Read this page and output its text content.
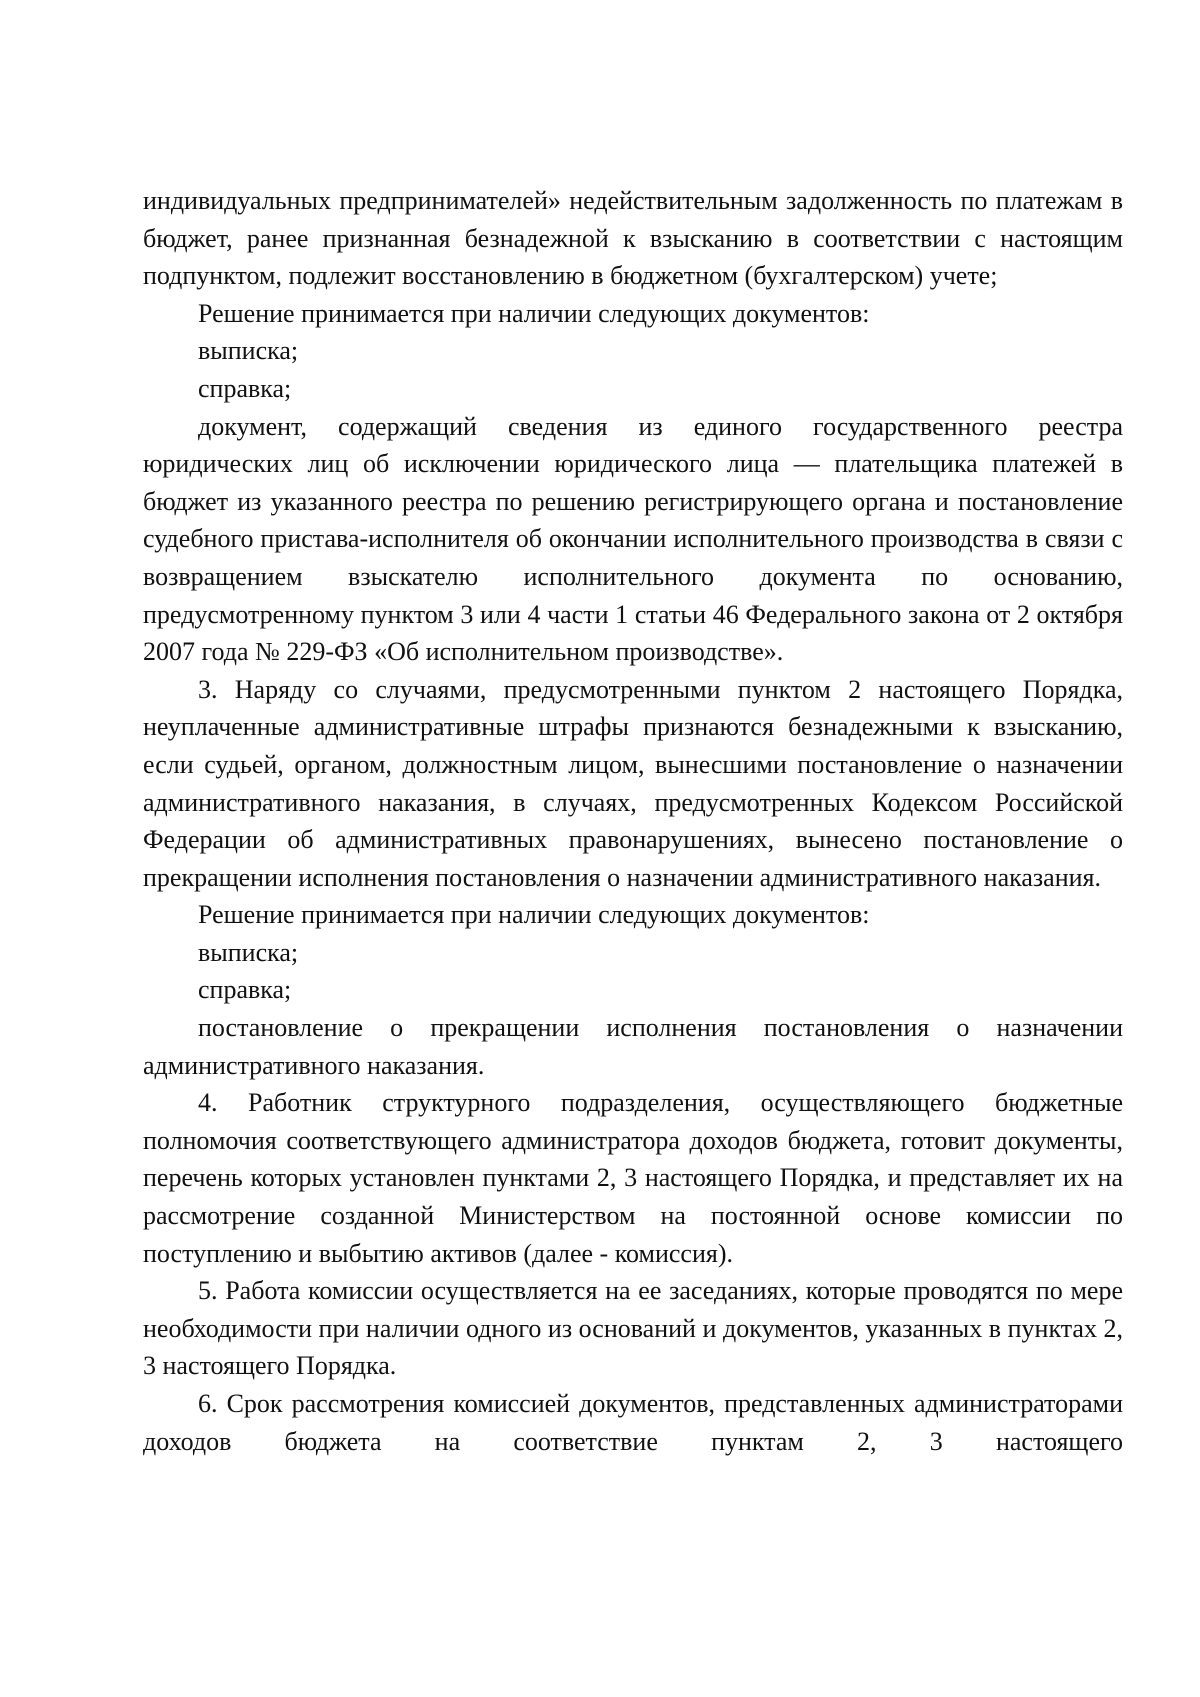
индивидуальных предпринимателей» недействительным задолженность по платежам в бюджет, ранее признанная безнадежной к взысканию в соответствии с настоящим подпунктом, подлежит восстановлению в бюджетном (бухгалтерском) учете;

Решение принимается при наличии следующих документов:

выписка;

справка;

документ, содержащий сведения из единого государственного реестра юридических лиц об исключении юридического лица — плательщика платежей в бюджет из указанного реестра по решению регистрирующего органа и постановление судебного пристава-исполнителя об окончании исполнительного производства в связи с возвращением взыскателю исполнительного документа по основанию, предусмотренному пунктом 3 или 4 части 1 статьи 46 Федерального закона от 2 октября 2007 года № 229-ФЗ «Об исполнительном производстве».

3. Наряду со случаями, предусмотренными пунктом 2 настоящего Порядка, неуплаченные административные штрафы признаются безнадежными к взысканию, если судьей, органом, должностным лицом, вынесшими постановление о назначении административного наказания, в случаях, предусмотренных Кодексом Российской Федерации об административных правонарушениях, вынесено постановление о прекращении исполнения постановления о назначении административного наказания.

Решение принимается при наличии следующих документов:

выписка;

справка;

постановление о прекращении исполнения постановления о назначении административного наказания.

4. Работник структурного подразделения, осуществляющего бюджетные полномочия соответствующего администратора доходов бюджета, готовит документы, перечень которых установлен пунктами 2, 3 настоящего Порядка, и представляет их на рассмотрение созданной Министерством на постоянной основе комиссии по поступлению и выбытию активов (далее - комиссия).

5. Работа комиссии осуществляется на ее заседаниях, которые проводятся по мере необходимости при наличии одного из оснований и документов, указанных в пунктах 2, 3 настоящего Порядка.

6. Срок рассмотрения комиссией документов, представленных администраторами доходов бюджета на соответствие пунктам 2, 3 настоящего
